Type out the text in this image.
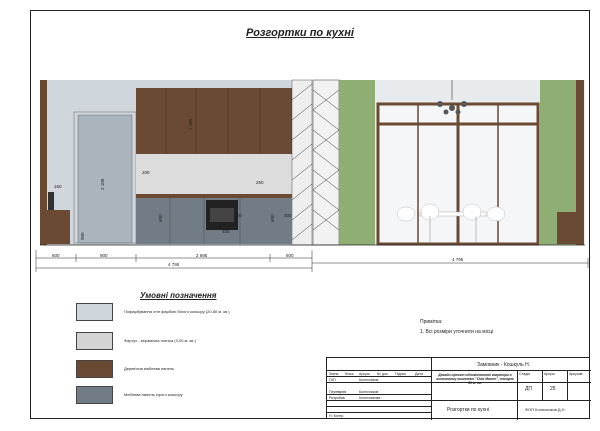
Розгортки по кухні
600	900
4 795
2 695	600
4 795
2 100
1 100
150
200
900
250
600	850	600
400
300
Умовні позначення
Пофарбування стін фарбою білого кольору (20,80 м. кв.)
Фартух - керамічна плитка (3,00 м. кв.)
Дерев'яна меблева панель
Меблева панель сірого кольору
Примітка:
1. Всі розміри уточнити на місці
Зміна Кільк. Аркуш № док. Підпис Дата
ГАП	Колесников
Перевірив	Колесников
Розробив	Колесникова
Н. Контр.
Замовник - Кошкуль Н.
Дизайн-проєкт однокімнатної квартири в житловому комплексі "Club Marine", площею 50 м. кв.
Стадія	Аркуш	Аркушів
ДП	25
Розгортки по кухні	ФОП Колесников Д.Н.
